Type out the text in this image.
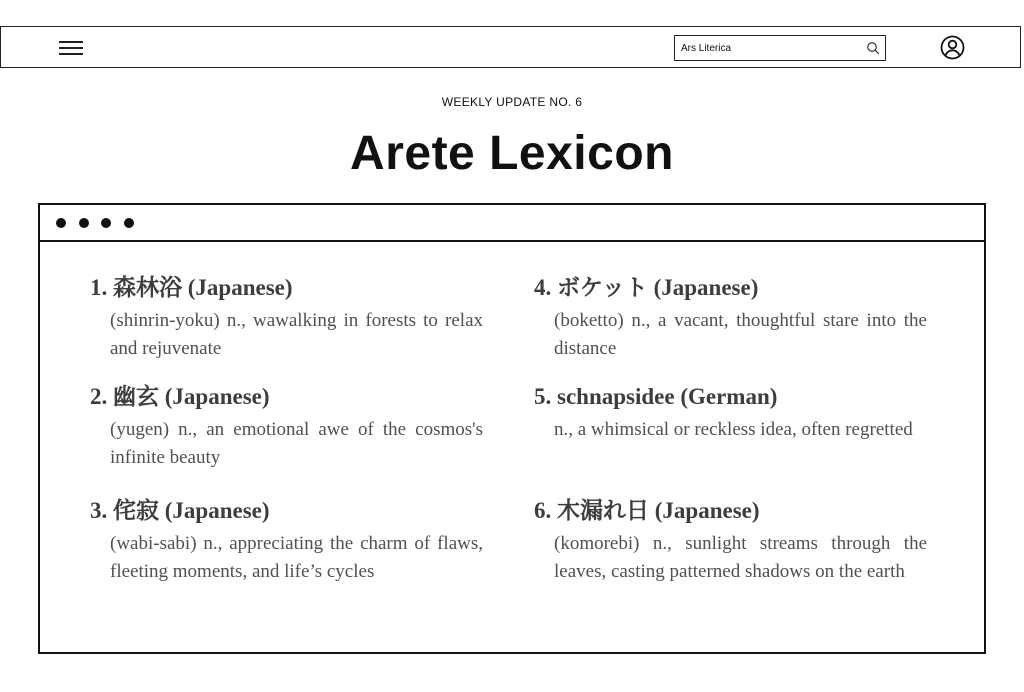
Ars Literica
WEEKLY UPDATE NO. 6
Arete Lexicon

1. 森林浴 (Japanese)

(shinrin-yoku) n., wawalking in forests to relax and rejuvenate

2. 幽玄 (Japanese)

(yugen) n., an emotional awe of the cosmos's infinite beauty

3. 侘寂 (Japanese)

(wabi-sabi) n., appreciating the charm of flaws, fleeting moments, and life’s cycles

4. ボケット (Japanese)

(boketto) n., a vacant, thoughtful stare into the distance

5. schnapsidee (German)

n., a whimsical or reckless idea, often regretted

6. 木漏れ日 (Japanese)

(komorebi) n., sunlight streams through the leaves, casting patterned shadows on the earth
